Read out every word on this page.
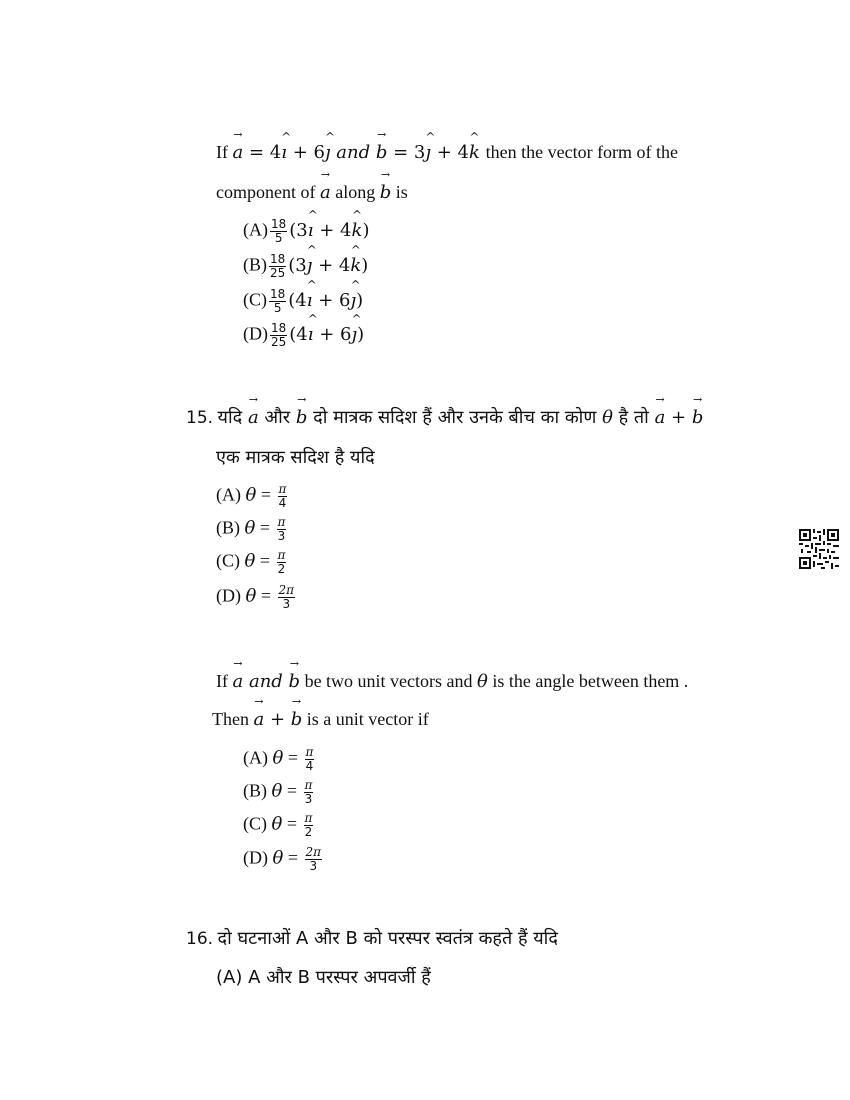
If → a = 4^ ı + 6^ ȷ and → b = 3^ ȷ + 4^ k then the vector form of the
component of → a along → b is
$(A) \frac{18}{5}$ (3^ ı + 4^ k)
$(B) \frac{18}{25}$ (3^ ȷ + 4^ k)
$(C) \frac{18}{5}$ (4^ ı + 6^ ȷ)
$(D) \frac{18}{25}$ (4^ ı + 6^ ȷ)
15. यदि → a और → b दो मात्रक सदिश हैं और उनके बीच का कोण θ है तो → a + → b
एक मात्रक सदिश है यदि
(A) $\theta = \frac{\pi}{4}$
(B) $\theta = \frac{\pi}{3}$
(C) $\theta = \frac{\pi}{2}$
(D) $\theta = \frac{2\pi}{3}$
If → a and → b be two unit vectors and θ is the angle between them .
Then → a + → b is a unit vector if
(A) $\theta = \frac{\pi}{4}$
(B) $\theta = \frac{\pi}{3}$
(C) $\theta = \frac{\pi}{2}$
(D) $\theta = \frac{2\pi}{3}$
16. दो घटनाओं A और B को परस्पर स्वतंत्र कहते हैं यदि
(A) A और B परस्पर अपवर्जी हैं
